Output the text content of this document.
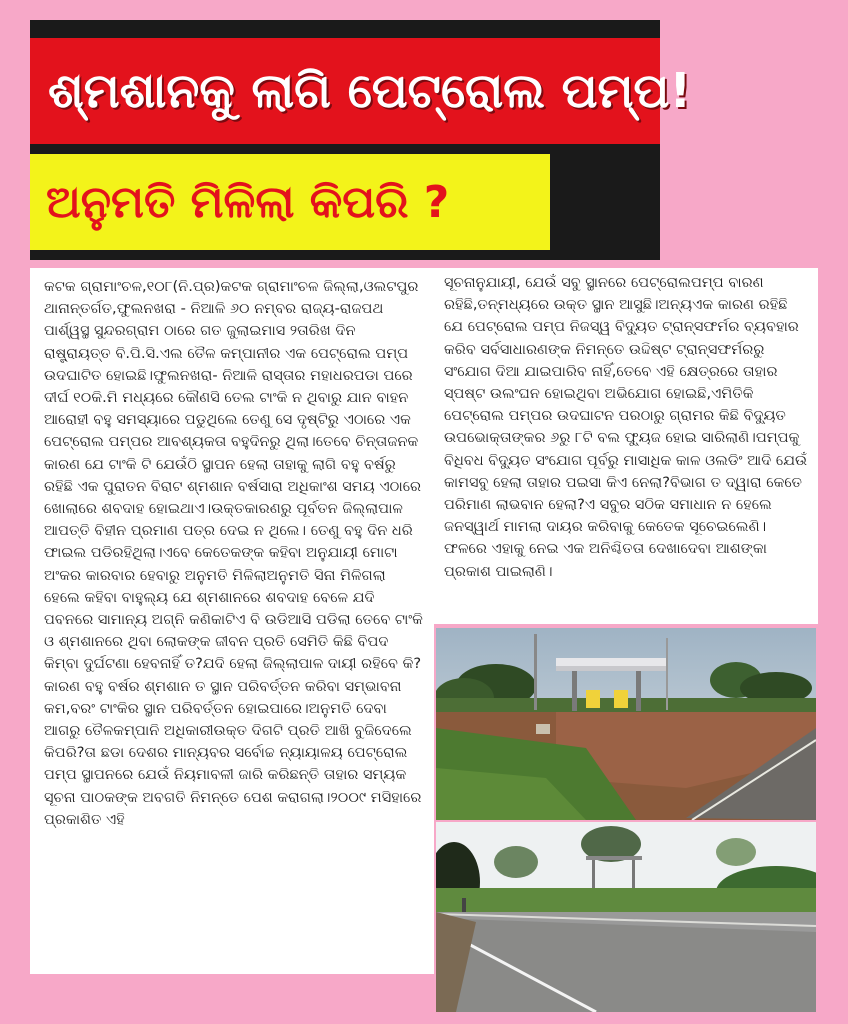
ଶ୍ମଶାନକୁ ଲାଗି ପେଟ୍ରୋଲ ପମ୍ପ!
ଅନୁମତି ମିଳିଲା କିପରି ?

କଟକ ଗ୍ରାମାଂଚଳ,୧୦୮(ନି.ପ୍ର)କଟକ ଗ୍ରାମାଂଚଳ ଜିଲ୍ଲା,ଓଲଟପୁର ଥାନାନ୍ତର୍ଗତ,ଫୁଲନଖରା - ନିଆଳି ୬୦ ନମ୍ବର ରାଜ୍ୟ-ରାଜପଥ ପାର୍ଶ୍ୱସ୍ଥ ସୁନ୍ଦରଗ୍ରାମ ଠାରେ ଗତ ଜୁଲାଇମାସ ୨ତାରିଖ ଦିନ ରାଷ୍ଟ୍ରାୟତ୍ତ ବି.ପି.ସି.ଏଲ ତୈଳ କମ୍ପାନୀର ଏକ ପେଟ୍ରୋଲ ପମ୍ପ ଉଦଘାଟିତ ହୋଇଛି।ଫୁଲନଖରା- ନିଆଳି ରାସ୍ତାର ମହାଧରପଡା ପରେ ଦୀର୍ଘ ୧୦କି.ମି ମଧ୍ୟରେ କୌଣସି ତେଲ ଟାଂକି ନ ଥିବାରୁ ଯାନ ବାହନ ଆରୋହୀ ବହୁ ସମସ୍ୟାରେ ପଡୁଥିଲେ ତେଣୁ ସେ ଦୃଷ୍ଟିରୁ ଏଠାରେ ଏକ ପେଟ୍ରୋଲ ପମ୍ପର ଆବଶ୍ୟକତା ବହୁଦିନରୁ ଥିଲା।ତେବେ ଚିନ୍ତାଜନକ କାରଣ ଯେ ଟାଂକି ଟି ଯେଉଁଠି ସ୍ଥାପନ ହେଲା ତାହାକୁ ଲାଗି ବହୁ ବର୍ଷରୁ ରହିଛି ଏକ ପୁରାତନ ବିରାଟ ଶ୍ମଶାନ ବର୍ଷସାରା ଅଧିକାଂଶ ସମୟ ଏଠାରେ ଖୋଲାରେ ଶବଦାହ ହୋଇଥାଏ।ଉକ୍ତକାରଣରୁ ପୂର୍ବତନ ଜିଲ୍ଲାପାଳ ଆପତ୍ତି ବିହୀନ ପ୍ରମାଣ ପତ୍ର ଦେଇ ନ ଥିଲେ। ତେଣୁ ବହୁ ଦିନ ଧରି ଫାଇଲ ପଡିରହିଥିଲା।ଏବେ କେତେକଙ୍କ କହିବା ଅନୁଯାୟୀ ମୋଟା ଅଂକର କାରବାର ହେବାରୁ ଅନୁମତି ମିଳିଲାଅନୁମତି ସିନା ମିଳିଗଲା ହେଲେ କହିବା ବାହୁଲ୍ୟ ଯେ ଶ୍ମଶାନରେ ଶବଦାହ ବେଳେ ଯଦି ପବନରେ ସାମାନ୍ୟ ଅଗ୍ନି କଣିକାଟିଏ ବି ଉଡିଆସି ପଡିଲା ତେବେ ଟାଂକି ଓ ଶ୍ମଶାନରେ ଥିବା ଲୋକଙ୍କ ଜୀବନ ପ୍ରତି ସେମିତି କିଛି ବିପଦ କିମ୍ବା ଦୁର୍ଘଟଣା ହେବନାହିଁ ତ?ଯଦି ହେଲା ଜିଲ୍ଲାପାଳ ଦାୟୀ ରହିବେ କି?କାରଣ ବହୁ ବର୍ଷର ଶ୍ମଶାନ ତ ସ୍ଥାନ ପରିବର୍ତ୍ତନ କରିବା ସମ୍ଭାବନା କମ,ବରଂ ଟାଂକିର ସ୍ଥାନ ପରିବର୍ତ୍ତନ ହୋଇପାରେ।ଅନୁମତି ଦେବା ଆଗରୁ ତୈଳକମ୍ପାନି ଅଧିକାରୀଉକ୍ତ ଦିଗଟି ପ୍ରତି ଆଖି ବୁଜିଦେଲେ କିପରି?ତା ଛଡା ଦେଶର ମାନ୍ୟବର ସର୍ବୋଚ୍ଚ ନ୍ୟାୟାଳୟ ପେଟ୍ରୋଲ ପମ୍ପ ସ୍ଥାପନରେ ଯେଉଁ ନିୟମାବଳୀ ଜାରି କରିଛନ୍ତି ତାହାର ସମ୍ୟକ ସୂଚନା ପାଠକଙ୍କ ଅବଗତି ନିମନ୍ତେ ପେଶ କରାଗଲା।୨୦୦୯ ମସିହାରେ ପ୍ରକାଶିତ ଏହି

ସୂଚନାନୁଯାୟୀ, ଯେଉଁ ସବୁ ସ୍ଥାନରେ ପେଟ୍ରୋଲପମ୍ପ ବାରଣ ରହିଛି,ତନ୍ମଧ୍ୟରେ ଉକ୍ତ ସ୍ଥାନ ଆସୁଛି।ଅନ୍ୟଏକ କାରଣ ରହିଛି ଯେ ପେଟ୍ରୋଲ ପମ୍ପ ନିଜସ୍ୱ ବିଦ୍ୟୁତ ଟ୍ରାନ୍ସଫର୍ମର ବ୍ୟବହାର କରିବ ସର୍ବସାଧାରଣଙ୍କ ନିମନ୍ତେ ଉଦ୍ଦିଷ୍ଟ ଟ୍ରାନ୍ସଫର୍ମରରୁ ସଂଯୋଗ ଦିଆ ଯାଇପାରିବ ନାହିଁ,ତେବେ ଏହି କ୍ଷେତ୍ରରେ ତାହାର ସ୍ପଷ୍ଟ ଉଲଂଘନ ହୋଇଥିବା ଅଭିଯୋଗ ହୋଇଛି,ଏମିତିକି ପେଟ୍ରୋଲ ପମ୍ପର ଉଦଘାଟନ ପରଠାରୁ ଗ୍ରାମର କିଛି ବିଦ୍ୟୁତ ଉପଭୋକ୍ତାଙ୍କର ୬ରୁ ୮ଟି ବଲ ଫ୍ୟୁଜ ହୋଇ ସାରିଲାଣି।ପମ୍ପକୁ ବିଧିବଧ ବିଦ୍ୟୁତ ସଂଯୋଗ ପୂର୍ବରୁ ମାସାଧିକ କାଳ ଓଲଡିଂ ଆଦି ଯେଉଁ କାମସବୁ ହେଲା ତାହାର ପଇସା କିଏ ନେଲା?ବିଭାଗ ତ ଦ୍ୱାରା କେତେ ପରିମାଣ ଲାଭବାନ ହେଲା?ଏ ସବୁର ସଠିକ ସମାଧାନ ନ ହେଲେ ଜନସ୍ୱାର୍ଥ ମାମଲା ଦାୟର କରିବାକୁ କେତେକ ସୂଚେଇଲେଣି।ଫଳରେ ଏହାକୁ ନେଇ ଏକ ଅନିଶ୍ଚିତତା ଦେଖାଦେବା ଆଶଙ୍କା ପ୍ରକାଶ ପାଇଲାଣି।
